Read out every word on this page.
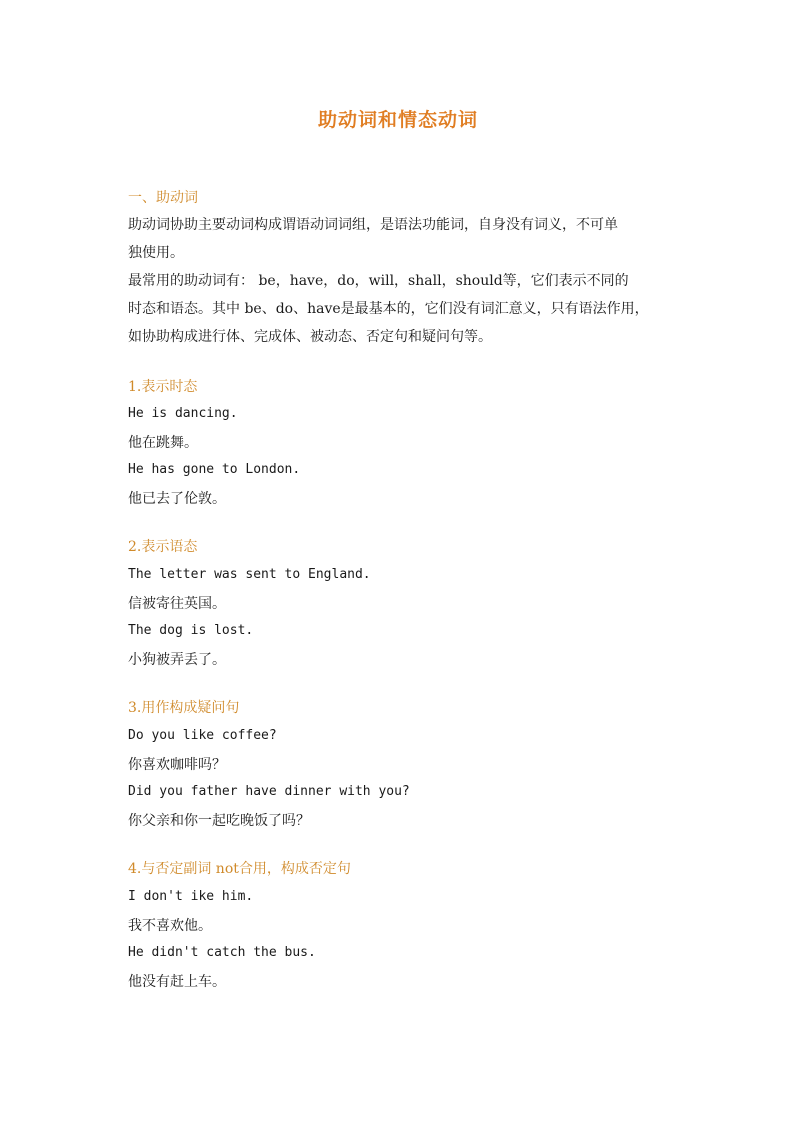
助动词和情态动词
一、助动词
助动词协助主要动词构成谓语动词词组，是语法功能词，自身没有词义，不可单
独使用。
最常用的助动词有： be，have，do，will，shall，should等，它们表示不同的
时态和语态。其中 be、do、have是最基本的，它们没有词汇意义，只有语法作用，
如协助构成进行体、完成体、被动态、否定句和疑问句等。
1.表示时态
He is dancing.
他在跳舞。
He has gone to London.
他已去了伦敦。
2.表示语态
The letter was sent to England.
信被寄往英国。
The dog is lost.
小狗被弄丢了。
3.用作构成疑问句
Do you like coffee?
你喜欢咖啡吗？
Did you father have dinner with you?
你父亲和你一起吃晚饭了吗？
4.与否定副词 not合用，构成否定句
I don't ike him.
我不喜欢他。
He didn't catch the bus.
他没有赶上车。
